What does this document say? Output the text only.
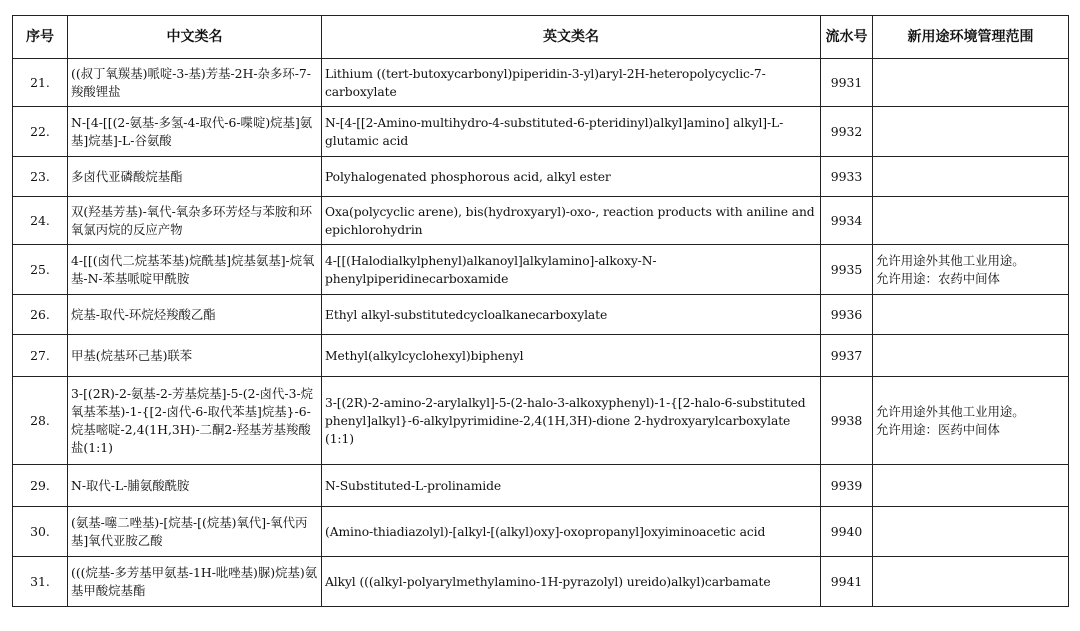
序号	中文类名	英文类名	流水号	新用途环境管理范围
21.	((叔丁氧羰基)哌啶-3-基)芳基-2H-杂多环-7-羧酸锂盐	Lithium ((tert-butoxycarbonyl)piperidin-3-yl)aryl-2H-heteropolycyclic-7-carboxylate	9931	
22.	N-[4-[[(2-氨基-多氢-4-取代-6-喋啶)烷基]氨基]烷基]-L-谷氨酸	N-[4-[[2-Amino-multihydro-4-substituted-6-pteridinyl)alkyl]amino] alkyl]-L-glutamic acid	9932	
23.	多卤代亚磷酸烷基酯	Polyhalogenated phosphorous acid, alkyl ester	9933	
24.	双(羟基芳基)-氧代-氧杂多环芳烃与苯胺和环氧氯丙烷的反应产物	Oxa(polycyclic arene), bis(hydroxyaryl)-oxo-, reaction products with aniline and epichlorohydrin	9934	
25.	4-[[(卤代二烷基苯基)烷酰基]烷基氨基]-烷氧基-N-苯基哌啶甲酰胺	4-[[(Halodialkylphenyl)alkanoyl]alkylamino]-alkoxy-N-phenylpiperidinecarboxamide	9935	允许用途外其他工业用途。
允许用途：农药中间体

26.	烷基-取代-环烷烃羧酸乙酯	Ethyl alkyl-substitutedcycloalkanecarboxylate	9936	
27.	甲基(烷基环己基)联苯	Methyl(alkylcyclohexyl)biphenyl	9937	
28.	3-[(2R)-2-氨基-2-芳基烷基]-5-(2-卤代-3-烷氧基苯基)-1-{[2-卤代-6-取代苯基]烷基}-6-烷基嘧啶-2,4(1H,3H)-二酮2-羟基芳基羧酸盐(1:1)	3-[(2R)-2-amino-2-arylalkyl]-5-(2-halo-3-alkoxyphenyl)-1-{[2-halo-6-substituted phenyl]alkyl}-6-alkylpyrimidine-2,4(1H,3H)-dione 2-hydroxyarylcarboxylate (1:1)	9938	允许用途外其他工业用途。
允许用途：医药中间体

29.	N-取代-L-脯氨酸酰胺	N-Substituted-L-prolinamide	9939	
30.	(氨基-噻二唑基)-[烷基-[(烷基)氧代]-氧代丙基]氧代亚胺乙酸	(Amino-thiadiazolyl)-[alkyl-[(alkyl)oxy]-oxopropanyl]oxyiminoacetic acid	9940	
31.	(((烷基-多芳基甲氨基-1H-吡唑基)脲)烷基)氨基甲酸烷基酯	Alkyl (((alkyl-polyarylmethylamino-1H-pyrazolyl) ureido)alkyl)carbamate	9941	
